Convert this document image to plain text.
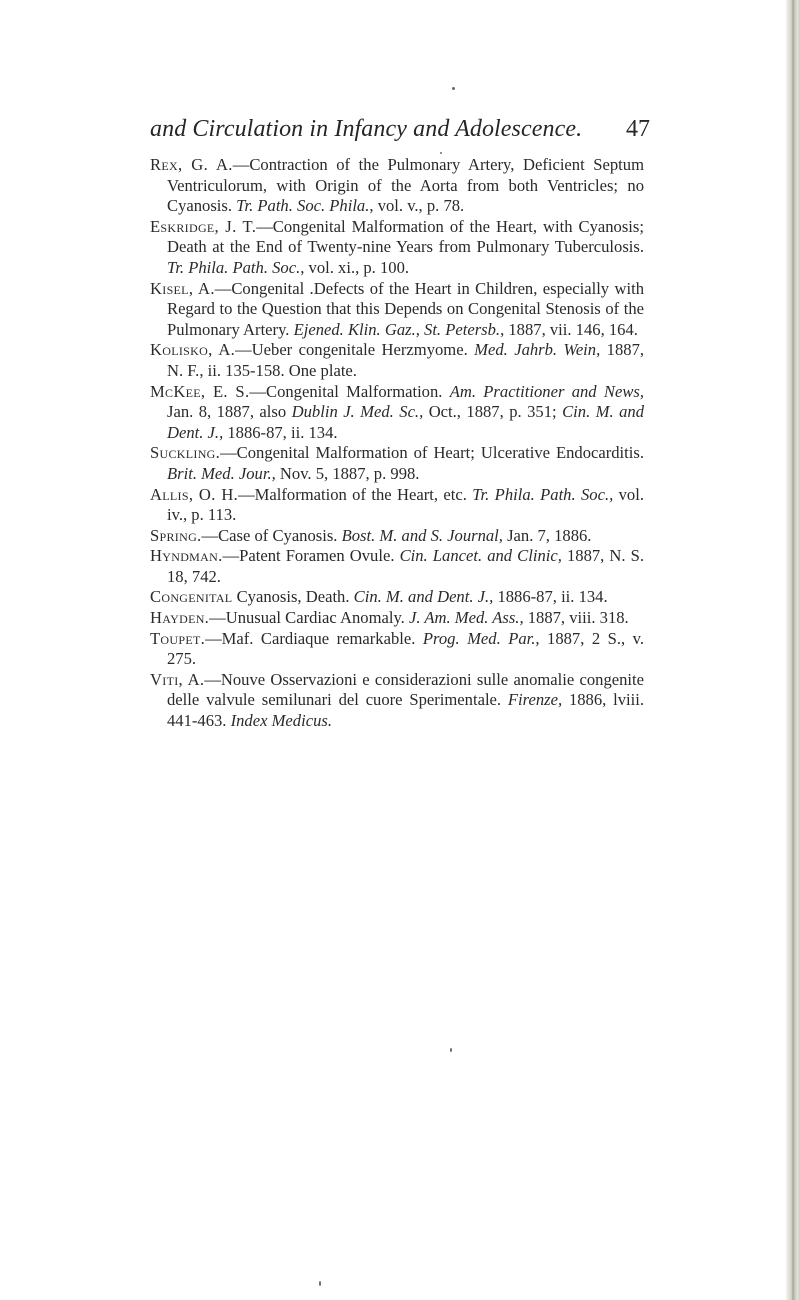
and Circulation in Infancy and Adolescence. 47
Rex, G. A.—Contraction of the Pulmonary Artery, Deficient Septum Ventriculorum, with Origin of the Aorta from both Ventricles; no Cyanosis. Tr. Path. Soc. Phila., vol. v., p. 78.
Eskridge, J. T.—Congenital Malformation of the Heart, with Cyanosis; Death at the End of Twenty-nine Years from Pulmonary Tuberculosis. Tr. Phila. Path. Soc., vol. xi., p. 100.
Kisel, A.—Congenital .Defects of the Heart in Children, especially with Regard to the Question that this Depends on Congenital Stenosis of the Pulmonary Artery. Ejened. Klin. Gaz., St. Petersb., 1887, vii. 146, 164.
Kolisko, A.—Ueber congenitale Herzmyome. Med. Jahrb. Wein, 1887, N. F., ii. 135-158. One plate.
McKee, E. S.—Congenital Malformation. Am. Practitioner and News, Jan. 8, 1887, also Dublin J. Med. Sc., Oct., 1887, p. 351; Cin. M. and Dent. J., 1886-87, ii. 134.
Suckling.—Congenital Malformation of Heart; Ulcerative Endocarditis. Brit. Med. Jour., Nov. 5, 1887, p. 998.
Allis, O. H.—Malformation of the Heart, etc. Tr. Phila. Path. Soc., vol. iv., p. 113.
Spring.—Case of Cyanosis. Bost. M. and S. Journal, Jan. 7, 1886.
Hyndman.—Patent Foramen Ovule. Cin. Lancet. and Clinic, 1887, N. S. 18, 742.
Congenital Cyanosis, Death. Cin. M. and Dent. J., 1886-87, ii. 134.
Hayden.—Unusual Cardiac Anomaly. J. Am. Med. Ass., 1887, viii. 318.
Toupet.—Maf. Cardiaque remarkable. Prog. Med. Par., 1887, 2 S., v. 275.
Viti, A.—Nouve Osservazioni e considerazioni sulle anomalie congenite delle valvule semilunari del cuore Sperimentale. Firenze, 1886, lviii. 441-463. Index Medicus.
